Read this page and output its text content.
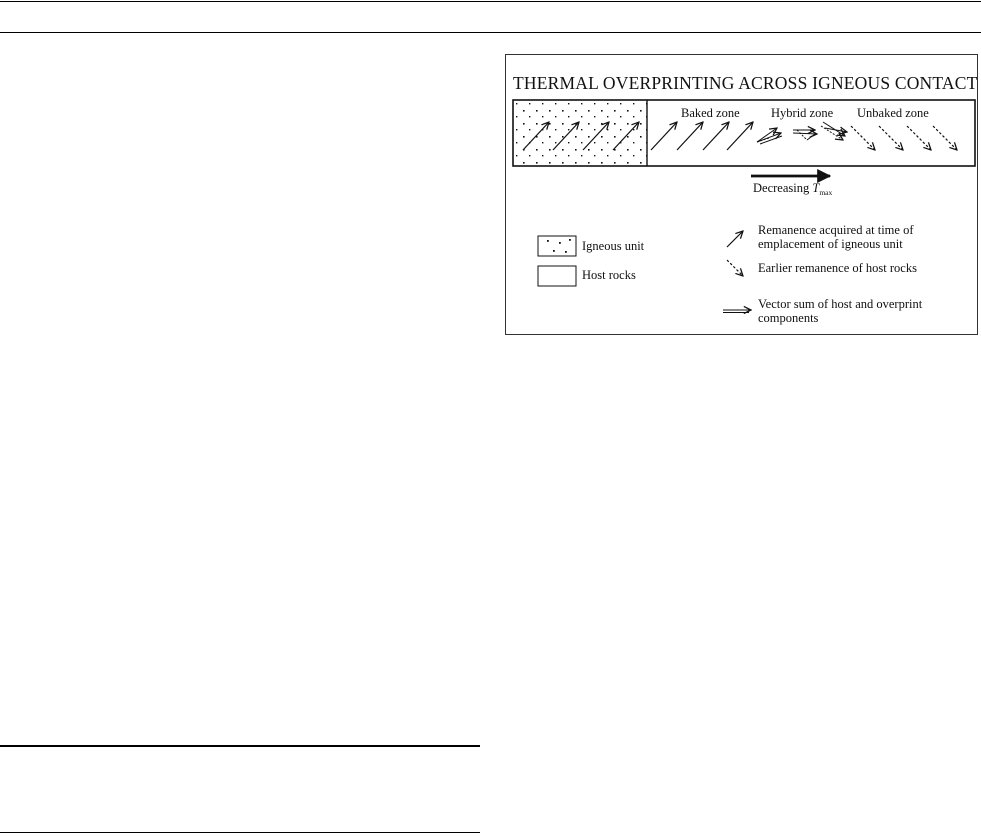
THERMAL OVERPRINTING ACROSS IGNEOUS CONTACT
Baked zone	Hybrid zone Unbaked zone
Decreasing $T_{max}$
Igneous unit
Host rocks
Remanence acquired at time of
emplacement of igneous unit
Earlier remanence of host rocks
Vector sum of host and overprint
components
